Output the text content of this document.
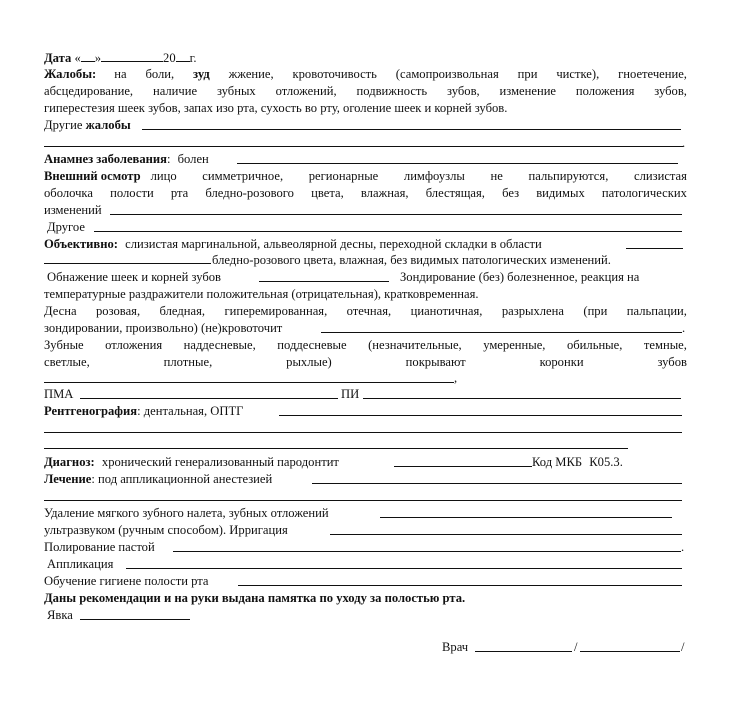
Дата « »	20 г.
Жалобы: на боли, зуд жжение, кровоточивость (самопроизвольная при чистке), гноетечение,
абсцедирование, наличие зубных отложений, подвижность зубов, изменение положения зубов,
гиперестезия шеек зубов, запах изо рта, сухость во рту, оголение шеек и корней зубов.
Другие жалобы
.
Анамнез заболевания: болен
Внешний осмотр лицо симметричное, регионарные лимфоузлы не пальпируются, слизистая
оболочка полости рта бледно-розового цвета, влажная, блестящая, без видимых патологических
изменений
Другое
Объективно: слизистая маргинальной, альвеолярной десны, переходной складки в области
бледно-розового цвета, влажная, без видимых патологических изменений.
Обнажение шеек и корней зубов	Зондирование (без) болезненное, реакция на
температурные раздражители положительная (отрицательная), кратковременная.
Десна розовая, бледная, гиперемированная, отечная, цианотичная, разрыхлена (при пальпации,
зондировании, произвольно) (не)кровоточит	.
Зубные отложения наддесневые, поддесневые (незначительные, умеренные, обильные, темные,
светлые,	плотные,	рыхлые)	покрывают	коронки	зубов
,
ПМА	ПИ
Рентгенография: дентальная, ОПТГ
Диагноз: хронический генерализованный пародонтит	Код МКБ К05.3.
Лечение: под аппликационной анестезией
Удаление мягкого зубного налета, зубных отложений
ультразвуком (ручным способом). Ирригация
Полирование пастой	.
Аппликация
Обучение гигиене полости рта
Даны рекомендации и на руки выдана памятка по уходу за полостью рта.
Явка
Врач	/	/
